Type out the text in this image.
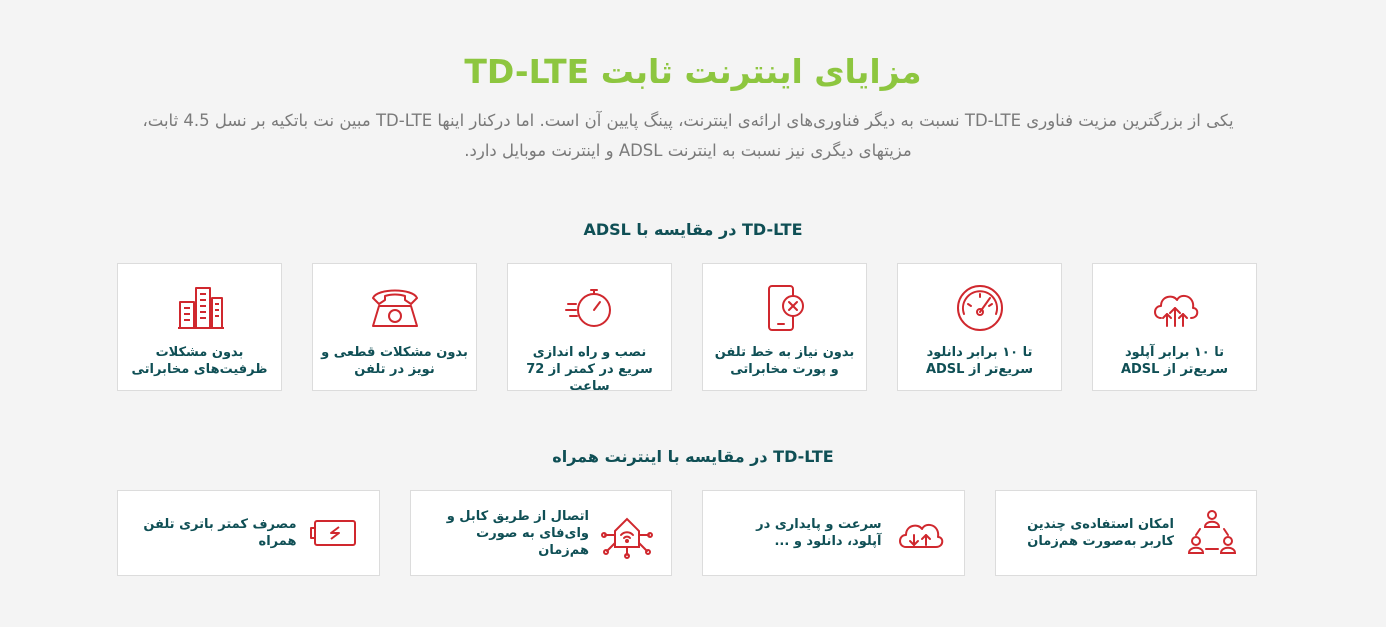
مزایای اینترنت ثابت TD-LTE

یکی از بزرگترین مزیت فناوری TD-LTE نسبت به دیگر فناوری‌های ارائه‌ی اینترنت، پینگ پایین آن است. اما درکنار اینها TD-LTE مبین نت باتکیه بر نسل 4.5 ثابت، مزیتهای دیگری نیز نسبت به اینترنت ADSL و اینترنت موبایل دارد.

TD-LTE در مقایسه با ADSL
تا ۱۰ برابر آپلود سریع‌تر از ADSL
تا ۱۰ برابر دانلود سریع‌تر از ADSL
بدون نیاز به خط تلفن و پورت مخابراتی
نصب و راه اندازی سریع در کمتر از 72 ساعت
بدون مشکلات قطعی و نویز در تلفن
بدون مشکلات ظرفیت‌های مخابراتی
TD-LTE در مقایسه با اینترنت همراه
امکان استفاده‌ی چندین کاربر به‌صورت هم‌زمان
سرعت و پایداری در آپلود، دانلود و ...
اتصال از طریق کابل و وای‌فای به صورت هم‌زمان
مصرف کمتر باتری تلفن همراه
